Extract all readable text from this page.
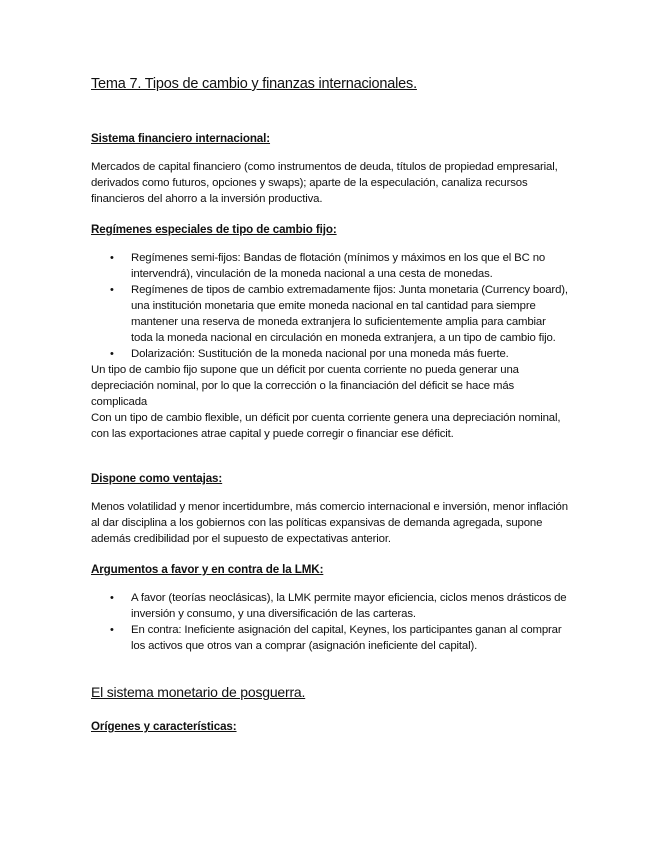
Tema 7. Tipos de cambio y finanzas internacionales.
Sistema financiero internacional:

Mercados de capital financiero (como instrumentos de deuda, títulos de propiedad empresarial, derivados como futuros, opciones y swaps); aparte de la especulación, canaliza recursos financieros del ahorro a la inversión productiva.

Regímenes especiales de tipo de cambio fijo:
• Regímenes semi-fijos: Bandas de flotación (mínimos y máximos en los que el BC no intervendrá), vinculación de la moneda nacional a una cesta de monedas.
• Regímenes de tipos de cambio extremadamente fijos: Junta monetaria (Currency board), una institución monetaria que emite moneda nacional en tal cantidad para siempre mantener una reserva de moneda extranjera lo suficientemente amplia para cambiar toda la moneda nacional en circulación en moneda extranjera, a un tipo de cambio fijo.
• Dolarización: Sustitución de la moneda nacional por una moneda más fuerte.

Un tipo de cambio fijo supone que un déficit por cuenta corriente no pueda generar una depreciación nominal, por lo que la corrección o la financiación del déficit se hace más complicada

Con un tipo de cambio flexible, un déficit por cuenta corriente genera una depreciación nominal, con las exportaciones atrae capital y puede corregir o financiar ese déficit.

Dispone como ventajas:

Menos volatilidad y menor incertidumbre, más comercio internacional e inversión, menor inflación al dar disciplina a los gobiernos con las políticas expansivas de demanda agregada, supone además credibilidad por el supuesto de expectativas anterior.

Argumentos a favor y en contra de la LMK:
• A favor (teorías neoclásicas), la LMK permite mayor eficiencia, ciclos menos drásticos de inversión y consumo, y una diversificación de las carteras.
• En contra: Ineficiente asignación del capital, Keynes, los participantes ganan al comprar los activos que otros van a comprar (asignación ineficiente del capital).
El sistema monetario de posguerra.
Orígenes y características:
